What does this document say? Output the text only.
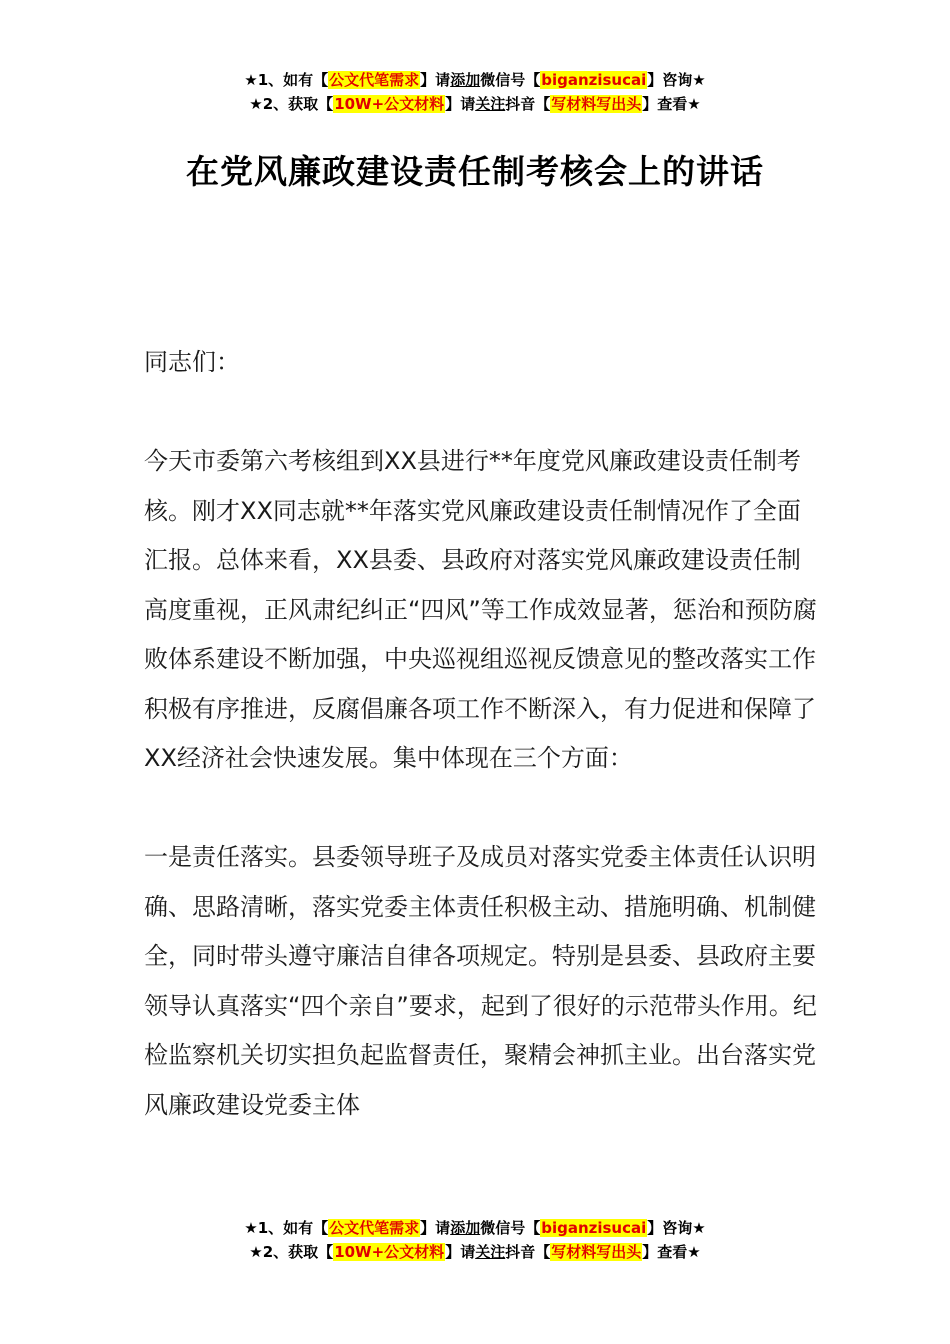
★1、如有【公文代笔需求】请添加微信号【biganzisucai】咨询★
★2、获取【10W+公文材料】请关注抖音【写材料写出头】查看★
在党风廉政建设责任制考核会上的讲话

同志们：

今天市委第六考核组到XX县进行**年度党风廉政建设责任制考核。刚才XX同志就**年落实党风廉政建设责任制情况作了全面汇报。总体来看，XX县委、县政府对落实党风廉政建设责任制高度重视，正风肃纪纠正“四风”等工作成效显著，惩治和预防腐败体系建设不断加强，中央巡视组巡视反馈意见的整改落实工作积极有序推进，反腐倡廉各项工作不断深入，有力促进和保障了XX经济社会快速发展。集中体现在三个方面：

一是责任落实。县委领导班子及成员对落实党委主体责任认识明确、思路清晰，落实党委主体责任积极主动、措施明确、机制健全，同时带头遵守廉洁自律各项规定。特别是县委、县政府主要领导认真落实“四个亲自”要求，起到了很好的示范带头作用。纪检监察机关切实担负起监督责任，聚精会神抓主业。出台落实党风廉政建设党委主体

★1、如有【公文代笔需求】请添加微信号【biganzisucai】咨询★
★2、获取【10W+公文材料】请关注抖音【写材料写出头】查看★
